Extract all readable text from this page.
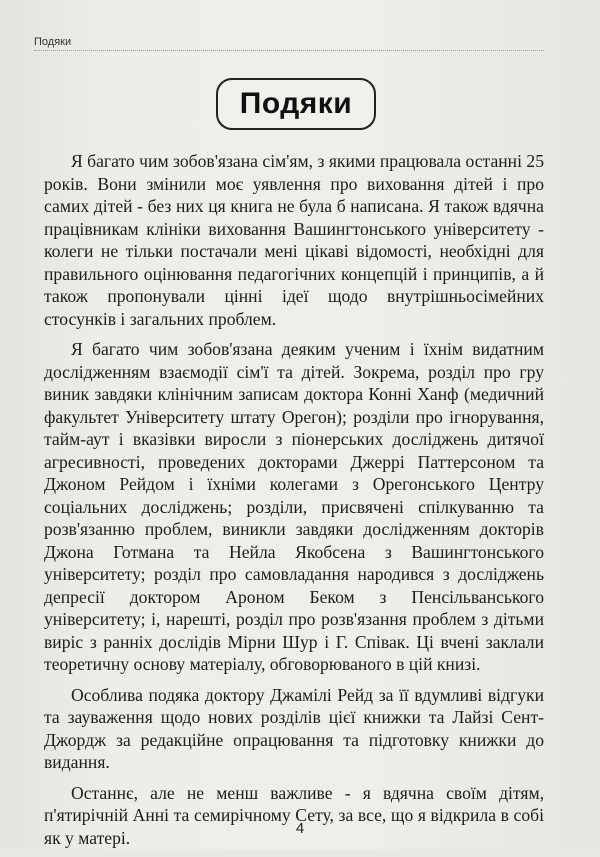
Подяки
Подяки

Я багато чим зобов'язана сім'ям, з якими працювала останні 25 років. Вони змінили моє уявлення про виховання дітей і про самих дітей - без них ця книга не була б написана. Я також вдячна працівникам клініки виховання Вашингтонського університету - колеги не тільки постачали мені цікаві відомості, необхідні для правильного оцінювання педагогічних концепцій і принципів, а й також пропонували цінні ідеї щодо внутрішньосімейних стосунків і загальних проблем.

Я багато чим зобов'язана деяким ученим і їхнім видатним дослідженням взаємодії сім'ї та дітей. Зокрема, розділ про гру виник завдяки клінічним записам доктора Конні Ханф (медичний факультет Університету штату Орегон); розділи про ігнорування, тайм-аут і вказівки виросли з піонерських досліджень дитячої агресивності, проведених докторами Джеррі Паттерсоном та Джоном Рейдом і їхніми колегами з Орегонського Центру соціальних досліджень; розділи, присвячені спілкуванню та розв'язанню проблем, виникли завдяки дослідженням докторів Джона Готмана та Нейла Якобсена з Вашингтонського університету; розділ про самовладання народився з досліджень депресії доктором Ароном Беком з Пенсільванського університету; і, нарешті, розділ про розв'язання проблем з дітьми виріс з ранніх дослідів Мірни Шур і Г. Співак. Ці вчені заклали теоретичну основу матеріалу, обговорюваного в цій книзі.

Особлива подяка доктору Джамілі Рейд за її вдумливі відгуки та зауваження щодо нових розділів цієї книжки та Лайзі Сент-Джордж за редакційне опрацювання та підготовку книжки до видання.

Останнє, але не менш важливе - я вдячна своїм дітям, п'ятирічній Анні та семирічному Сету, за все, що я відкрила в собі як у матері.	4
